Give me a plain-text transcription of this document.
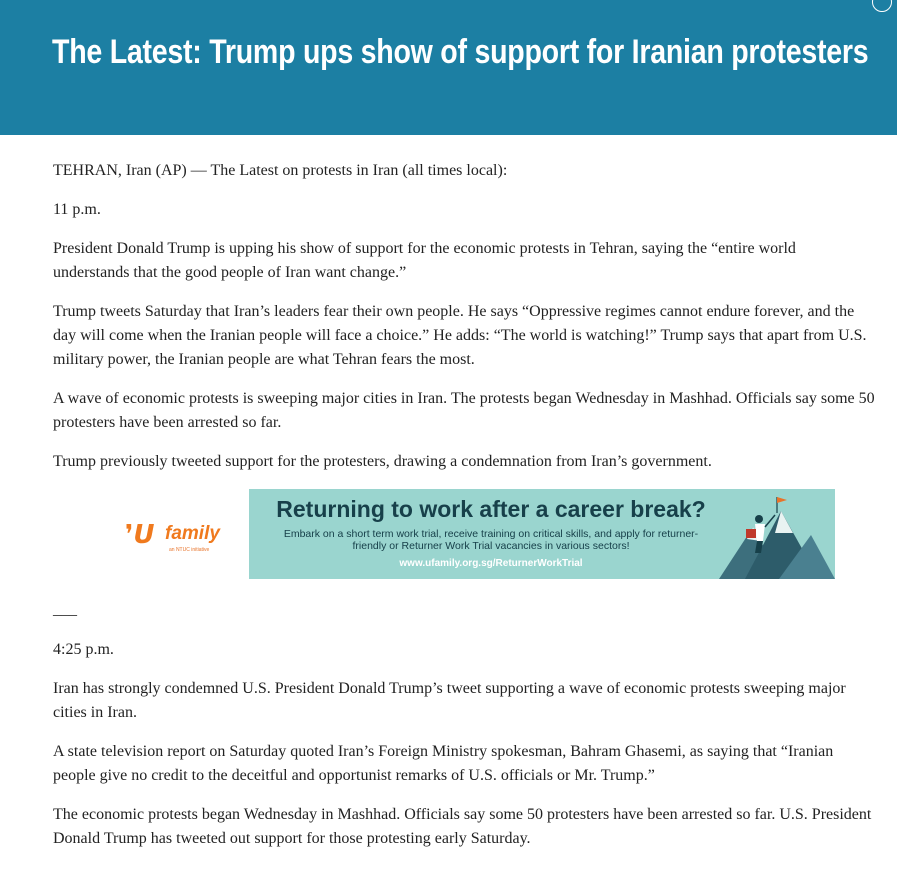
The Latest: Trump ups show of support for Iranian protesters

TEHRAN, Iran (AP) — The Latest on protests in Iran (all times local):

11 p.m.

President Donald Trump is upping his show of support for the economic protests in Tehran, saying the “entire world understands that the good people of Iran want change.”

Trump tweets Saturday that Iran’s leaders fear their own people. He says “Oppressive regimes cannot endure forever, and the day will come when the Iranian people will face a choice.” He adds: “The world is watching!” Trump says that apart from U.S. military power, the Iranian people are what Tehran fears the most.

A wave of economic protests is sweeping major cities in Iran. The protests began Wednesday in Mashhad. Officials say some 50 protesters have been arrested so far.

Trump previously tweeted support for the protesters, drawing a condemnation from Iran’s government.

❜U family
an NTUC initiative
Returning to work after a career break?
Embark on a short term work trial, receive training on critical skills, and apply for returner-friendly or Returner Work Trial vacancies in various sectors!
www.ufamily.org.sg/ReturnerWorkTrial

___

4:25 p.m.

Iran has strongly condemned U.S. President Donald Trump’s tweet supporting a wave of economic protests sweeping major cities in Iran.

A state television report on Saturday quoted Iran’s Foreign Ministry spokesman, Bahram Ghasemi, as saying that “Iranian people give no credit to the deceitful and opportunist remarks of U.S. officials or Mr. Trump.”

The economic protests began Wednesday in Mashhad. Officials say some 50 protesters have been arrested so far. U.S. President Donald Trump has tweeted out support for those protesting early Saturday.
